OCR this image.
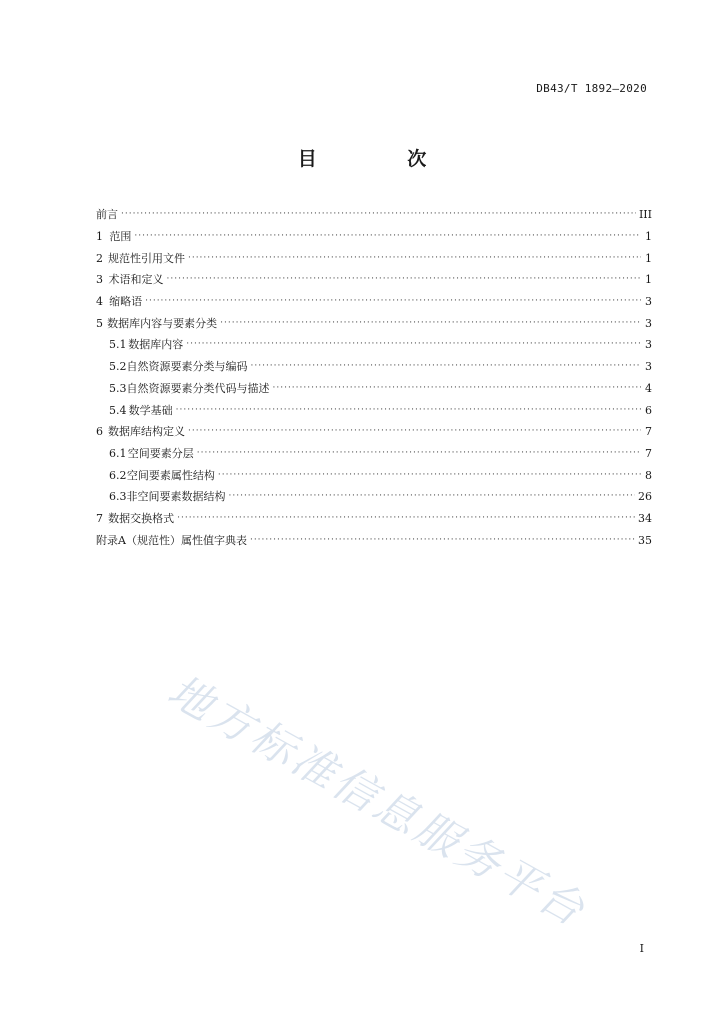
DB43/T 1892—2020
目 次
前言 ·····	III
1 范围 ·····	1
2 规范性引用文件 ·····	1
3 术语和定义 ·····	1
4 缩略语 ·····	3
5 数据库内容与要素分类 ·····	3
5.1 数据库内容 ·····	3
5.2 自然资源要素分类与编码 ·····	3
5.3 自然资源要素分类代码与描述 ·····	4
5.4 数学基础 ·····	6
6 数据库结构定义 ·····	7
6.1 空间要素分层 ·····	7
6.2 空间要素属性结构 ·····	8
6.3 非空间要素数据结构 ·····	26
7 数据交换格式 ·····	34
附录A（规范性）属性值字典表 ·····	35
地方标准信息服务平台
I
